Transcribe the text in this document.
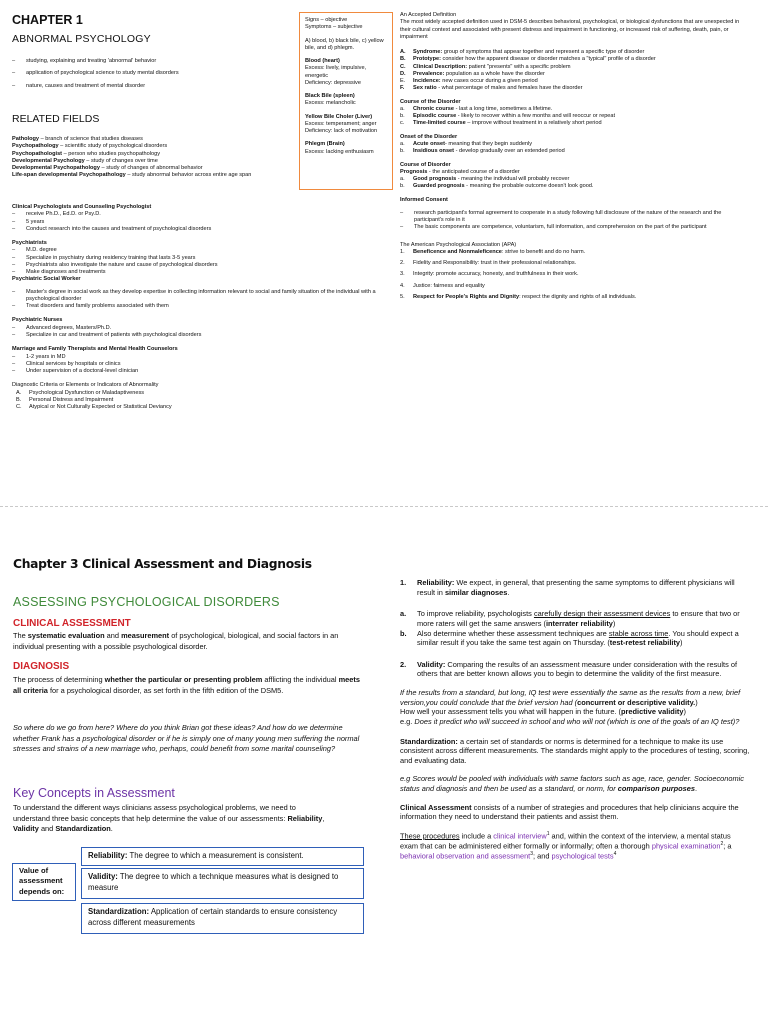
CHAPTER 1
ABNORMAL PSYCHOLOGY
–	studying, explaining and treating 'abnormal' behavior
–	application of psychological science to study mental disorders
–	nature, causes and treatment of mental disorder
RELATED FIELDS
Pathology – branch of science that studies diseases
Psychopathology – scientific study of psychological disorders
Psychopathologist – person who studies psychopathology
Developmental Psychology – study of changes over time
Developmental Psychopathology – study of changes of abnormal behavior
Life-span developmental Psychopathology – study abnormal behavior across entire age span
Clinical Psychologists and Counseling Psychologist
–	receive Ph.D., Ed.D. or Psy.D.
–	5 years
–	Conduct research into the causes and treatment of psychological disorders
Psychiatrists
–	M.D. degree
–	Specialize in psychiatry during residency training that lasts 3-5 years
–	Psychiatrists also investigate the nature and cause of psychological disorders
–	Make diagnoses and treatments
Psychiatric Social Worker
–	Master's degree in social work as they develop expertise in collecting information relevant to social and family situation of the individual with a psychological disorder
–	Treat disorders and family problems associated with them
Psychiatric Nurses
–	Advanced degrees, Masters/Ph.D.
–	Specialize in car and treatment of patients with psychological disorders
Marriage and Family Therapists and Mental Health Counselors
–	1-2 years in MD
–	Clinical services by hospitals or clinics
–	Under supervision of a doctoral-level clinician
Diagnostic Criteria or Elements or Indicators of Abnormality
A.	Psychological Dysfunction or Maladaptiveness
B.	Personal Distress and Impairment
C.	Atypical or Not Culturally Expected or Statistical Deviancy
Signs – objective
Symptoms – subjective
A) blood, b) black bile, c) yellow bile, and d) phlegm.
Blood (heart)
Excess: lively, impulsive, energetic
Deficiency: depressive
Black Bile (spleen)
Excess: melancholic
Yellow Bile Choler (Liver)
Excess: temperament; anger
Deficiency: lack of motivation
Phlegm (Brain)
Excess: lacking enthusiasm
An Accepted Definition
The most widely accepted definition used in DSM-5 describes behavioral, psychological, or biological dysfunctions that are unexpected in their cultural context and associated with present distress and impairment in functioning, or increased risk of suffering, death, pain, or impairment
A.	Syndrome: group of symptoms that appear together and represent a specific type of disorder
B.	Prototype: consider how the apparent disease or disorder matches a "typical" profile of a disorder
C.	Clinical Description: patient "presents" with a specific problem
D.	Prevalence: population as a whole have the disorder
E.	Incidence: new cases occur during a given period
F.	Sex ratio - what percentage of males and females have the disorder
Course of the Disorder
a.	Chronic course - last a long time, sometimes a lifetime.
b.	Episodic course - likely to recover within a few months and will reoccur or repeat
c.	Time-limited course – improve without treatment in a relatively short period
Onset of the Disorder
a.	Acute onset- meaning that they begin suddenly
b.	Insidious onset - develop gradually over an extended period
Course of Disorder
Prognosis - the anticipated course of a disorder
a.	Good prognosis - meaning the individual will probably recover
b.	Guarded prognosis - meaning the probable outcome doesn't look good.
Informed Consent
–	research participant's formal agreement to cooperate in a study following full disclosure of the nature of the research and the participant's role in it
–	The basic components are competence, voluntarism, full information, and comprehension on the part of the participant
The American Psychological Association (APA)
1.	Beneficence and Nonmaleficence: strive to benefit and do no harm.
2.	Fidelity and Responsibility: trust in their professional relationships.
3.	Integrity: promote accuracy, honesty, and truthfulness in their work.
4.	Justice: fairness and equality
5.	Respect for People's Rights and Dignity: respect the dignity and rights of all individuals.
Chapter 3 Clinical Assessment and Diagnosis
ASSESSING PSYCHOLOGICAL DISORDERS
CLINICAL ASSESSMENT
The systematic evaluation and measurement of psychological, biological, and social factors in an individual presenting with a possible psychological disorder.
DIAGNOSIS
The process of determining whether the particular or presenting problem afflicting the individual meets all criteria for a psychological disorder, as set forth in the fifth edition of the DSM5.
So where do we go from here? Where do you think Brian got these ideas? And how do we determine whether Frank has a psychological disorder or if he is simply one of many young men suffering the normal stresses and strains of a new marriage who, perhaps, could benefit from some marital counseling?
Key Concepts in Assessment
To understand the different ways clinicians assess psychological problems, we need to understand three basic concepts that help determine the value of our assessments: Reliability, Validity and Standardization.
Value of assessment depends on:
Reliability: The degree to which a measurement is consistent.
Validity: The degree to which a technique measures what is designed to measure
Standardization: Application of certain standards to ensure consistency across different measurements
1.	Reliability: We expect, in general, that presenting the same symptoms to different physicians will result in similar diagnoses.
a.	To improve reliability, psychologists carefully design their assessment devices to ensure that two or more raters will get the same answers (interrater reliability)
b.	Also determine whether these assessment techniques are stable across time. You should expect a similar result if you take the same test again on Thursday. (test-retest reliability)
2.	Validity: Comparing the results of an assessment measure under consideration with the results of others that are better known allows you to begin to determine the validity of the first measure.
If the results from a standard, but long, IQ test were essentially the same as the results from a new, brief version,you could conclude that the brief version had (concurrent or descriptive validity.)
How well your assessment tells you what will happen in the future. (predictive validity)
e.g. Does it predict who will succeed in school and who will not (which is one of the goals of an IQ test)?
Standardization: a certain set of standards or norms is determined for a technique to make its use consistent across different measurements. The standards might apply to the procedures of testing, scoring, and evaluating data.
e.g Scores would be pooled with individuals with same factors such as age, race, gender. Socioeconomic status and diagnosis and then be used as a standard, or norm, for comparison purposes.
Clinical Assessment consists of a number of strategies and procedures that help clinicians acquire the information they need to understand their patients and assist them.
These procedures include a clinical interview$^1$ and, within the context of the interview, a mental status exam that can be administered either formally or informally; often a thorough physical examination$^2$; a behavioral observation and assessment$^3$; and psychological tests$^4$
